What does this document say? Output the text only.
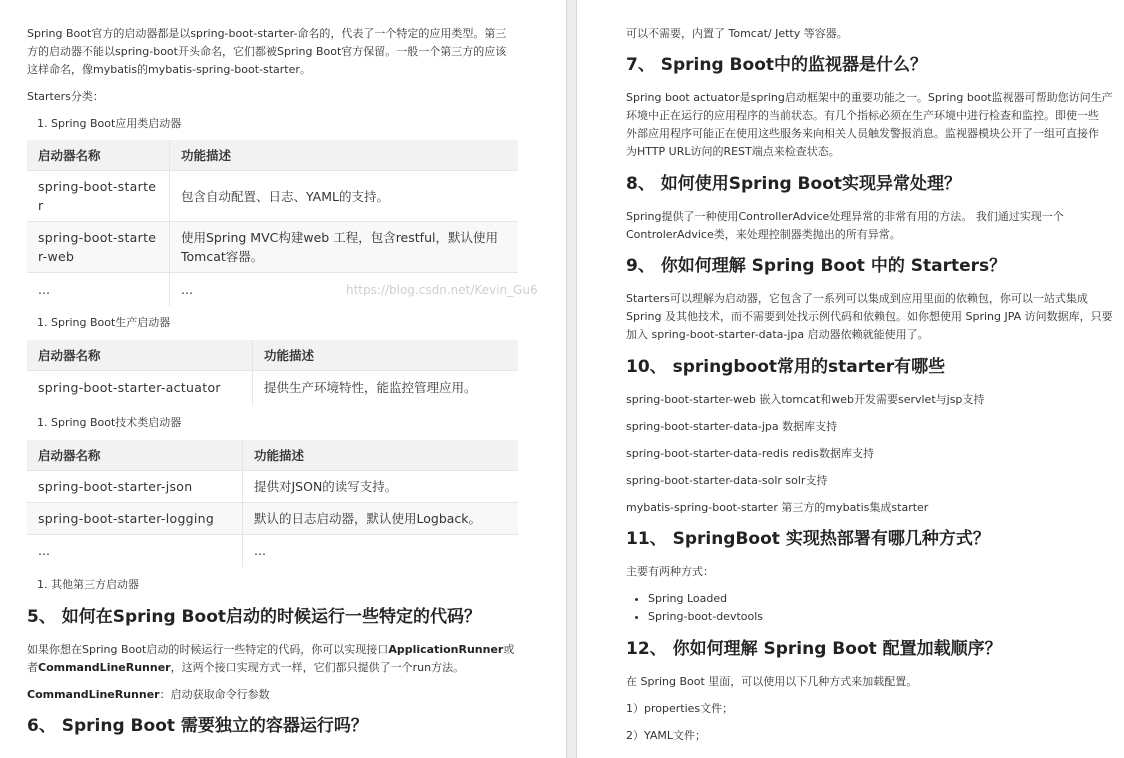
Spring Boot官方的启动器都是以spring-boot-starter-命名的，代表了一个特定的应用类型。第三

方的启动器不能以spring-boot开头命名，它们都被Spring Boot官方保留。一般一个第三方的应该

这样命名，像mybatis的mybatis-spring-boot-starter。

Starters分类：

1. Spring Boot应用类启动器

启动器名称	功能描述
spring-boot-starte
r	包含自动配置、日志、YAML的支持。
spring-boot-starte
r-web	使用Spring MVC构建web 工程，包含restful，默认使用
Tomcat容器。
...	...	https://blog.csdn.net/Kevin_Gu6

1. Spring Boot生产启动器

启动器名称	功能描述
spring-boot-starter-actuator	提供生产环境特性，能监控管理应用。

1. Spring Boot技术类启动器

启动器名称	功能描述
spring-boot-starter-json	提供对JSON的读写支持。
spring-boot-starter-logging	默认的日志启动器，默认使用Logback。
...	...

1. 其他第三方启动器

5、 如何在Spring Boot启动的时候运行一些特定的代码？

如果你想在Spring Boot启动的时候运行一些特定的代码，你可以实现接口ApplicationRunner或

者CommandLineRunner，这两个接口实现方式一样，它们都只提供了一个run方法。

CommandLineRunner：启动获取命令行参数

6、 Spring Boot 需要独立的容器运行吗？

可以不需要，内置了 Tomcat/ Jetty 等容器。

7、 Spring Boot中的监视器是什么？

Spring boot actuator是spring启动框架中的重要功能之一。Spring boot监视器可帮助您访问生产

环境中正在运行的应用程序的当前状态。有几个指标必须在生产环境中进行检查和监控。即使一些

外部应用程序可能正在使用这些服务来向相关人员触发警报消息。监视器模块公开了一组可直接作

为HTTP URL访问的REST端点来检查状态。

8、 如何使用Spring Boot实现异常处理？

Spring提供了一种使用ControllerAdvice处理异常的非常有用的方法。 我们通过实现一个

ControlerAdvice类，来处理控制器类抛出的所有异常。

9、 你如何理解 Spring Boot 中的 Starters？

Starters可以理解为启动器，它包含了一系列可以集成到应用里面的依赖包，你可以一站式集成

Spring 及其他技术，而不需要到处找示例代码和依赖包。如你想使用 Spring JPA 访问数据库，只要

加入 spring-boot-starter-data-jpa 启动器依赖就能使用了。

10、 springboot常用的starter有哪些

spring-boot-starter-web 嵌入tomcat和web开发需要servlet与jsp支持

spring-boot-starter-data-jpa 数据库支持

spring-boot-starter-data-redis redis数据库支持

spring-boot-starter-data-solr solr支持

mybatis-spring-boot-starter 第三方的mybatis集成starter

11、 SpringBoot 实现热部署有哪几种方式？

主要有两种方式：

• Spring Loaded
• Spring-boot-devtools
12、 你如何理解 Spring Boot 配置加载顺序？

在 Spring Boot 里面，可以使用以下几种方式来加载配置。

1）properties文件；

2）YAML文件；
